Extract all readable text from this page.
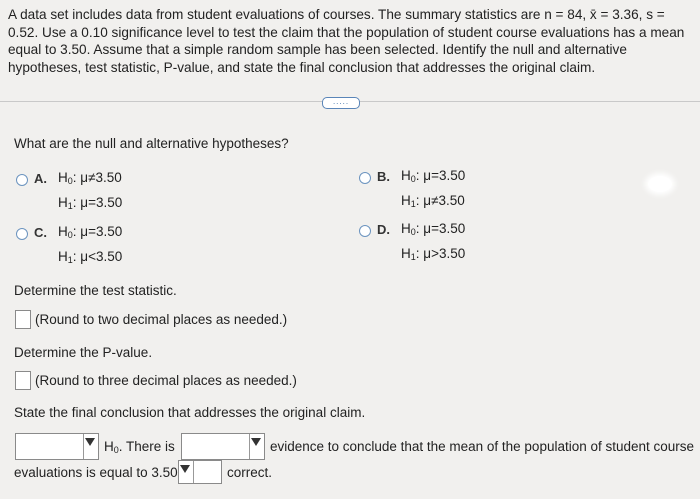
A data set includes data from student evaluations of courses. The summary statistics are n = 84, x̄ = 3.36, s = 0.52. Use a 0.10 significance level to test the claim that the population of student course evaluations has a mean equal to 3.50. Assume that a simple random sample has been selected. Identify the null and alternative hypotheses, test statistic, P-value, and state the final conclusion that addresses the original claim.
.....
What are the null and alternative hypotheses?
A. $H_0$: μ≠3.50
$H_1$: μ=3.50
B. $H_0$: μ=3.50
$H_1$: μ≠3.50
C. $H_0$: μ=3.50
$H_1$: μ<3.50
D. $H_0$: μ=3.50
$H_1$: μ>3.50
Determine the test statistic.
(Round to two decimal places as needed.)
Determine the P-value.
(Round to three decimal places as needed.)
State the final conclusion that addresses the original claim.
$H_0$. There is	evidence to conclude that the mean of the population of student course
evaluations is equal to 3.50	correct.
